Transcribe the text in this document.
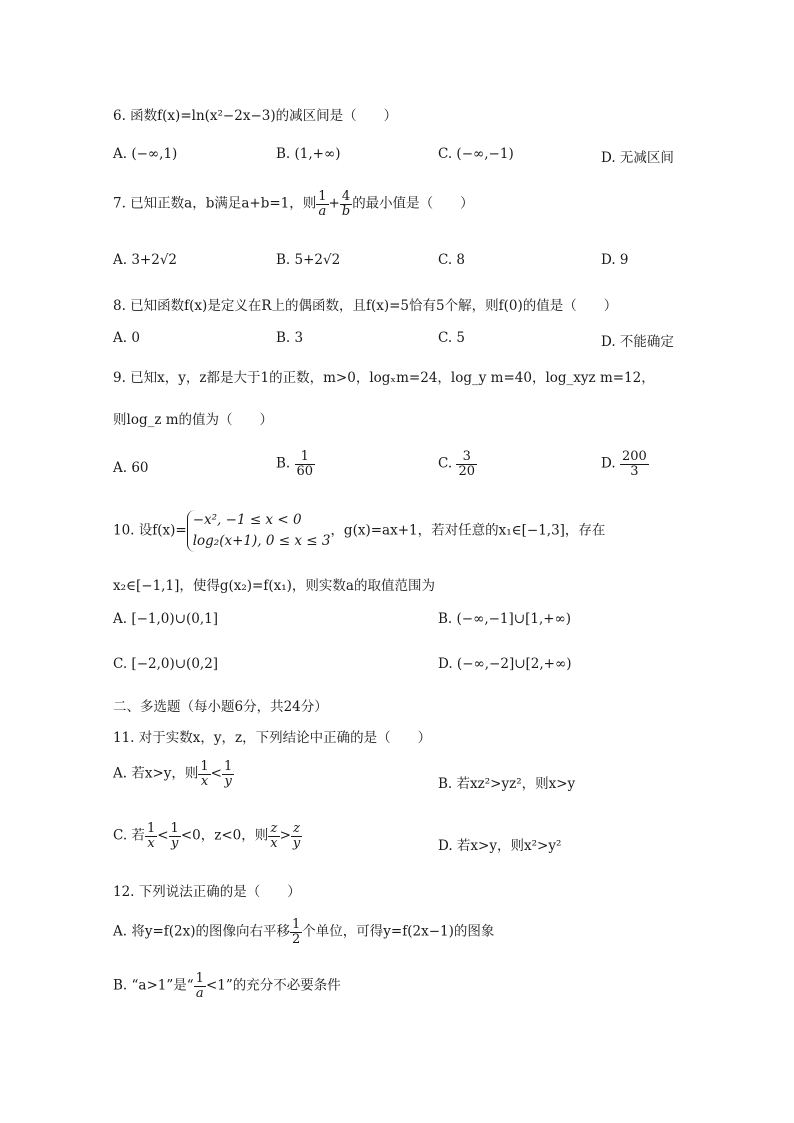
6. 函数f(x)=ln(x²−2x−3)的减区间是（　　）
A. (−∞,1)	B. (1,+∞)	C. (−∞,−1)	D. 无减区间
7. 已知正数a，b满足a+b=1，则 $\frac{1}{a} + \frac{4}{b}$ 的最小值是（　　）
A. 3+2√2	B. 5+2√2	C. 8	D. 9
8. 已知函数f(x)是定义在R上的偶函数，且f(x)=5恰有5个解，则f(0)的值是（　　）
A. 0	B. 3	C. 5	D. 不能确定
9. 已知x，y，z都是大于1的正数，m>0，logₓm=24，log_y m=40，log_xyz m=12，
则log_z m的值为（　　）
A. 60	B. $\frac{1}{60}$	C. $\frac{3}{20}$	D. $\frac{200}{3}$
10. 设f(x)=
−x², −1 ≤ x < 0
log₂(x+1), 0 ≤ x ≤ 3
，g(x)=ax+1，若对任意的x₁∈[−1,3]，存在
x₂∈[−1,1]，使得g(x₂)=f(x₁)，则实数a的取值范围为
A. [−1,0)∪(0,1]	B. (−∞,−1]∪[1,+∞)
C. [−2,0)∪(0,2]	D. (−∞,−2]∪[2,+∞)
二、多选题（每小题6分，共24分）
11. 对于实数x，y，z，下列结论中正确的是（　　）
A. 若x>y，则 $\frac{1}{x} < \frac{1}{y}$	B. 若xz²>yz²，则x>y
C. 若 $\frac{1}{x} < \frac{1}{y} <0$，z<0，则 $\frac{z}{x} > \frac{z}{y}$	D. 若x>y，则x²>y²
12. 下列说法正确的是（　　）
A. 将y=f(2x)的图像向右平移 $\frac{1}{2}$ 个单位，可得y=f(2x−1)的图象
B. “a>1”是“ $\frac{1}{a} <1$”的充分不必要条件
